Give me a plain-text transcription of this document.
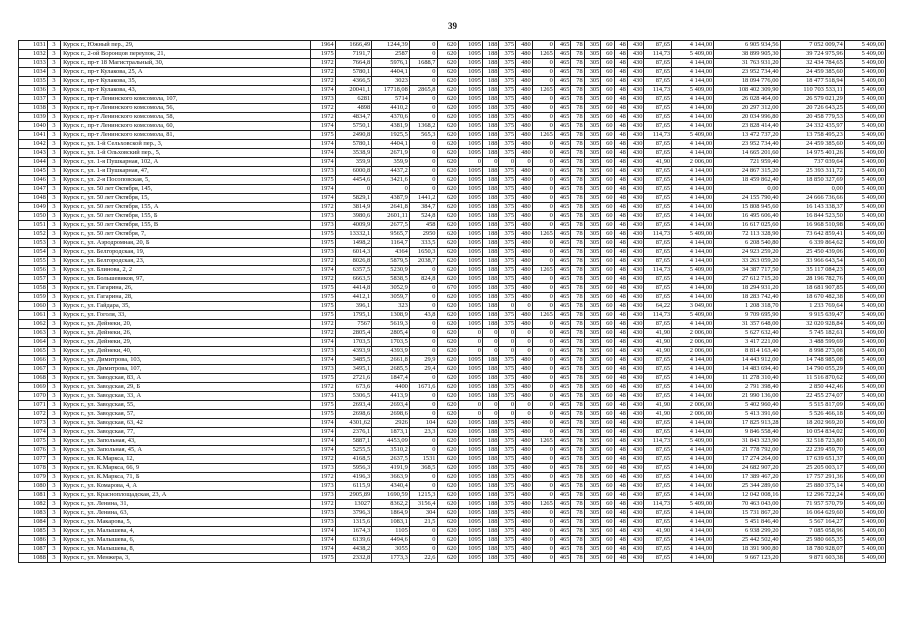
39
1031	3	Курск г., Южный пер., 29,	1964	1666,49	1244,39	0	620	1095	188	375	480	0	465	78	305	60	48	430	87,65	4 144,00	6 905 934,56	7 052 009,74	5 409,00
1032	3	Курск г., 2-ой Воронцов переулок, 21,	1975	7191,7	2587	0	620	1095	188	375	480	1265	465	78	305	60	48	430	114,73	5 409,00	38 899 905,30	39 724 975,96	5 409,00
1033	3	Курск г., пр-т 18 Магистральный, 30,	1972	7664,8	5976,1	1688,7	620	1095	188	375	480	0	465	78	305	60	48	430	87,65	4 144,00	31 763 931,20	32 434 784,65	5 409,00
1034	3	Курск г., пр-т Кулакова, 25, А	1972	5780,1	4404,1	0	620	1095	188	375	480	0	465	78	305	60	48	430	87,65	4 144,00	23 952 734,40	24 459 385,60	5 409,00
1035	3	Курск г., пр-т Кулакова, 35,	1972	4366,5	3023	0	620	1095	188	375	480	0	465	78	305	60	48	430	87,65	4 144,00	18 094 776,00	18 477 518,94	5 409,00
1036	3	Курск г., пр-т Кулакова, 43,	1974	20041,1	17718,08	2865,8	620	1095	188	375	480	1265	465	78	305	60	48	430	114,73	5 409,00	108 402 309,90	110 703 533,11	5 409,00
1037	3	Курск г., пр-т Ленинского комсомола, 107,	1973	6281	5714	0	620	1095	188	375	480	0	465	78	305	60	48	430	87,65	4 144,00	26 028 464,00	26 579 021,29	5 409,00
1038	3	Курск г., пр-т Ленинского комсомола, 56,	1972	4898	4410,2	0	620	1095	188	375	480	0	465	78	305	60	48	430	87,65	4 144,00	20 297 312,00	20 726 643,25	5 409,00
1039	3	Курск г., пр-т Ленинского комсомола, 58,	1972	4834,7	4370,6	0	620	1095	188	375	480	0	465	78	305	60	48	430	87,65	4 144,00	20 034 996,80	20 458 779,53	5 409,00
1040	3	Курск г., пр-т Ленинского комсомола, 60,	1974	5750,1	4381,9	1368,2	620	1095	188	375	480	0	465	78	305	60	48	430	87,65	4 144,00	23 828 414,40	24 332 435,97	5 409,00
1041	3	Курск г., пр-т Ленинского комсомола, 81,	1975	2490,8	1925,5	565,3	620	1095	188	375	480	1265	465	78	305	60	48	430	114,73	5 409,00	13 472 737,20	13 758 495,23	5 409,00
1042	3	Курск г., ул. 1-й Сельховской пер., 3,	1974	5780,1	4404,1	0	620	1095	188	375	480	0	465	78	305	60	48	430	87,65	4 144,00	23 952 734,40	24 459 385,60	5 409,00
1043	3	Курск г., ул. 1-й Ольховский пер., 5,	1974	3538,9	2671,9	0	620	1095	188	375	480	0	465	78	305	60	48	430	87,65	4 144,00	14 665 201,60	14 975 401,26	5 409,00
1044	3	Курск г., ул. 1-я Пушкарная, 102, А	1974	359,9	359,9	0	620	0	0	0	0	0	465	78	305	60	48	430	41,90	2 006,00	721 959,40	737 039,64	5 409,00
1045	3	Курск г., ул. 1-я Пушкарная, 47,	1973	6000,8	4437,2	0	620	1095	188	375	480	0	465	78	305	60	48	430	87,65	4 144,00	24 867 315,20	25 393 311,72	5 409,00
1046	3	Курск г., ул. 2-я Посоповская, 5,	1975	4454,6	3421,6	0	620	1095	188	375	480	0	465	78	305	60	48	430	87,65	4 144,00	18 459 862,40	18 850 327,69	5 409,00
1047	3	Курск г., ул. 50 лет Октября, 145,	1974	0	0	0	620	1095	188	375	480	0	465	78	305	60	48	430	87,65	4 144,00	0,00	0,00	5 409,00
1048	3	Курск г., ул. 50 лет Октября, 15,	1974	5829,1	4387,9	1441,2	620	1095	188	375	480	0	465	78	305	60	48	430	87,65	4 144,00	24 155 790,40	24 666 736,66	5 409,00
1049	3	Курск г., ул. 50 лет Октября, 155, А	1972	3814,9	2641,8	384,7	620	1095	188	375	480	0	465	78	305	60	48	430	87,65	4 144,00	15 808 945,60	16 143 338,37	5 409,00
1050	3	Курск г., ул. 50 лет Октября, 155, Б	1973	3980,6	2601,11	524,8	620	1095	188	375	480	0	465	78	305	60	48	430	87,65	4 144,00	16 495 606,40	16 844 523,50	5 409,00
1051	3	Курск г., ул. 50 лет Октября, 155, В	1973	4009,9	2677,5	458	620	1095	188	375	480	0	465	78	305	60	48	430	87,65	4 144,00	16 617 025,60	16 968 510,98	5 409,00
1052	3	Курск г., ул. 50 лет Октября, 7,	1975	13332,1	9565,7	2950	620	1095	188	375	480	1265	465	78	305	60	48	430	114,73	5 409,00	72 113 328,90	73 642 859,41	5 409,00
1053	3	Курск г., ул. Аэродромная, 20, Б	1975	1498,2	1164,7	333,5	620	1095	188	375	480	0	465	78	305	60	48	430	87,65	4 144,00	6 208 540,80	6 339 864,62	5 409,00
1054	3	Курск г., ул. Белгородская, 19,	1973	6014,3	4364	1650,3	620	1095	188	375	480	0	465	78	305	60	48	430	87,65	4 144,00	24 923 259,20	25 450 439,06	5 409,00
1055	3	Курск г., ул. Белгородская, 23,	1972	8026,8	5879,5	2038,7	620	1095	188	375	480	0	465	78	305	60	48	430	87,65	4 144,00	33 263 059,20	33 966 643,54	5 409,00
1056	3	Курск г., ул. Блинова, 2, 2	1974	6357,5	5230,9	0	620	1095	188	375	480	1265	465	78	305	60	48	430	114,73	5 409,00	34 387 717,50	35 117 084,23	5 409,00
1057	3	Курск г., ул. Большевиков, 97,	1972	6663,5	5838,5	824,8	620	1095	188	375	480	0	465	78	305	60	48	430	87,65	4 144,00	27 612 715,20	28 196 782,76	5 409,00
1058	3	Курск г., ул. Гагарина, 26,	1975	4414,8	3052,9	0	670	1095	188	375	480	0	465	78	305	60	48	430	87,65	4 144,00	18 294 931,20	18 681 907,85	5 409,00
1059	3	Курск г., ул. Гагарина, 28,	1975	4412,1	3059,7	0	620	1095	188	375	480	0	465	78	305	60	48	430	87,65	4 144,00	18 283 742,40	18 670 482,38	5 409,00
1060	3	Курск г., ул. Гайдара, 35,	1975	396,1	323	0	620	1095	188	0	0	0	465	78	305	60	48	430	64,22	3 049,00	1 208 318,70	1 233 769,64	5 409,00
1061	3	Курск г., ул. Гоголя, 33,	1975	1795,1	1308,9	43,8	620	1095	188	375	480	1265	465	78	305	60	48	430	114,73	5 409,00	9 709 695,90	9 915 639,47	5 409,00
1062	3	Курск г., ул. Дейнеки, 20,	1972	7567	5619,3	0	620	1095	188	375	480	0	465	78	305	60	48	430	87,65	4 144,00	31 357 648,00	32 020 928,84	5 409,00
1063	3	Курск г., ул. Дейнеки, 26,	1972	2805,4	2805,4	0	620	0	0	0	0	0	465	78	305	60	48	430	41,90	2 006,00	5 627 632,40	5 745 182,61	5 409,00
1064	3	Курск г., ул. Дейнеки, 29,	1974	1703,5	1703,5	0	620	0	0	0	0	0	465	78	305	60	48	430	41,90	2 006,00	3 417 221,00	3 488 599,69	5 409,00
1065	3	Курск г., ул. Дейнеки, 40,	1973	4393,9	4393,9	0	620	0	0	0	0	0	465	78	305	60	48	430	41,90	2 006,00	8 814 163,40	8 998 273,08	5 409,00
1066	3	Курск г., ул. Димитрова, 103,	1974	3485,5	2661,8	29,9	620	1095	188	375	480	0	465	78	305	60	48	430	87,65	4 144,00	14 443 912,00	14 748 985,08	5 409,00
1067	3	Курск г., ул. Димитрова, 107,	1973	3495,1	2685,5	29,4	620	1095	188	375	480	0	465	78	305	60	48	430	87,65	4 144,00	14 483 694,40	14 790 055,29	5 409,00
1068	3	Курск г., ул. Заводская, 83, А	1975	2721,6	1847,4	0	620	1095	188	375	480	0	465	78	305	60	48	430	87,65	4 144,00	11 278 310,40	11 516 870,62	5 409,00
1069	3	Курск г., ул. Заводская, 29, Б	1972	673,6	4400	1671,6	620	1095	188	375	480	0	465	78	305	60	48	430	87,65	4 144,00	2 791 398,40	2 850 442,46	5 409,00
1070	3	Курск г., ул. Заводская, 33, А	1973	5306,5	4413,9	0	620	1095	188	375	480	0	465	78	305	60	48	430	87,65	4 144,00	21 990 136,00	22 455 274,07	5 409,00
1071	3	Курск г., ул. Заводская, 55,	1975	2693,4	2693,4	0	620	0	0	0	0	0	465	78	305	60	48	430	41,90	2 006,00	5 402 960,40	5 515 817,09	5 409,00
1072	3	Курск г., ул. Заводская, 57,	1975	2698,6	2698,6	0	620	0	0	0	0	0	465	78	305	60	48	430	41,90	2 006,00	5 413 391,60	5 526 466,18	5 409,00
1073	3	Курск г., ул. Заводская, 63, 42	1974	4301,62	2926	104	620	1095	188	375	480	0	465	78	305	60	48	430	87,65	4 144,00	17 825 913,28	18 202 969,20	5 409,00
1074	3	Курск г., ул. Заводская, 77,	1974	2376,1	1873,1	23,3	620	1095	188	375	480	0	465	78	305	60	48	430	87,65	4 144,00	9 846 558,40	10 054 834,02	5 409,00
1075	3	Курск г., ул. Запольная, 43,	1974	5887,1	4453,09	0	620	1095	188	375	480	1265	465	78	305	60	48	430	114,73	5 409,00	31 843 323,90	32 518 723,80	5 409,00
1076	3	Курск г., ул. Запольная, 45, А	1974	5255,5	3510,2	0	620	1095	188	375	480	0	465	78	305	60	48	430	87,65	4 144,00	21 778 792,00	22 239 459,70	5 409,00
1077	3	Курск г., ул. К.Маркса, 12,	1972	4168,5	2637,5	1531	620	1095	188	375	480	0	465	78	305	60	48	430	87,65	4 144,00	17 274 264,00	17 639 651,37	5 409,00
1078	3	Курск г., ул. К.Маркса, 66, 9	1973	5956,3	4191,9	368,5	620	1095	188	375	480	0	465	78	305	60	48	430	87,65	4 144,00	24 682 907,20	25 205 003,17	5 409,00
1079	3	Курск г., ул. К.Маркса, 71, Б	1972	4196,3	3663,9	0	620	1095	188	375	480	0	465	78	305	60	48	430	87,65	4 144,00	17 389 467,20	17 757 291,36	5 409,00
1080	3	Курск г., ул. Комарова, 4, А	1973	6115,9	4340,4	0	620	1095	188	375	480	0	465	78	305	60	48	430	87,65	4 144,00	25 344 289,60	25 880 375,14	5 409,00
1081	3	Курск г., ул. Красноплощадская, 23, А	1973	2905,89	1690,59	1215,3	620	1095	188	375	480	0	465	78	305	60	48	430	87,65	4 144,00	12 042 008,16	12 296 722,24	5 409,00
1082	3	Курск г., ул. Ленина, 31,	1972	13027	8362,2	3156,4	620	1095	188	375	480	1265	465	78	305	60	48	430	114,73	5 409,00	70 463 043,00	71 957 570,79	5 409,00
1083	3	Курск г., ул. Ленина, 63,	1973	3796,3	1864,9	304	620	1095	188	375	480	0	465	78	305	60	48	430	87,65	4 144,00	15 731 867,20	16 064 629,60	5 409,00
1084	3	Курск г., ул. Макарова, 5,	1973	1315,6	1083,1	21,5	620	1095	188	375	480	0	465	78	305	60	48	430	87,65	4 144,00	5 451 846,40	5 567 164,27	5 409,00
1085	3	Курск г., ул. Малышева, 4,	1974	1674,3	1105	0	620	1095	188	375	480	0	465	78	305	60	48	430	41,90	4 144,00	6 938 299,20	7 085 058,96	5 409,00
1086	3	Курск г., ул. Малышева, 6,	1974	6139,6	4494,6	0	620	1095	188	375	480	0	465	78	305	60	48	430	87,65	4 144,00	25 442 502,40	25 980 665,35	5 409,00
1087	3	Курск г., ул. Малышева, 8,	1974	4438,2	3055	0	620	1095	188	375	480	0	465	78	305	60	48	430	87,65	4 144,00	18 391 900,80	18 780 928,07	5 409,00
1088	3	Курск г., ул. Менжера, 3,	1975	2332,8	1773,3	22,6	620	1095	188	375	480	0	465	78	305	60	48	430	87,65	4 144,00	9 667 123,20	9 871 603,38	5 409,00
